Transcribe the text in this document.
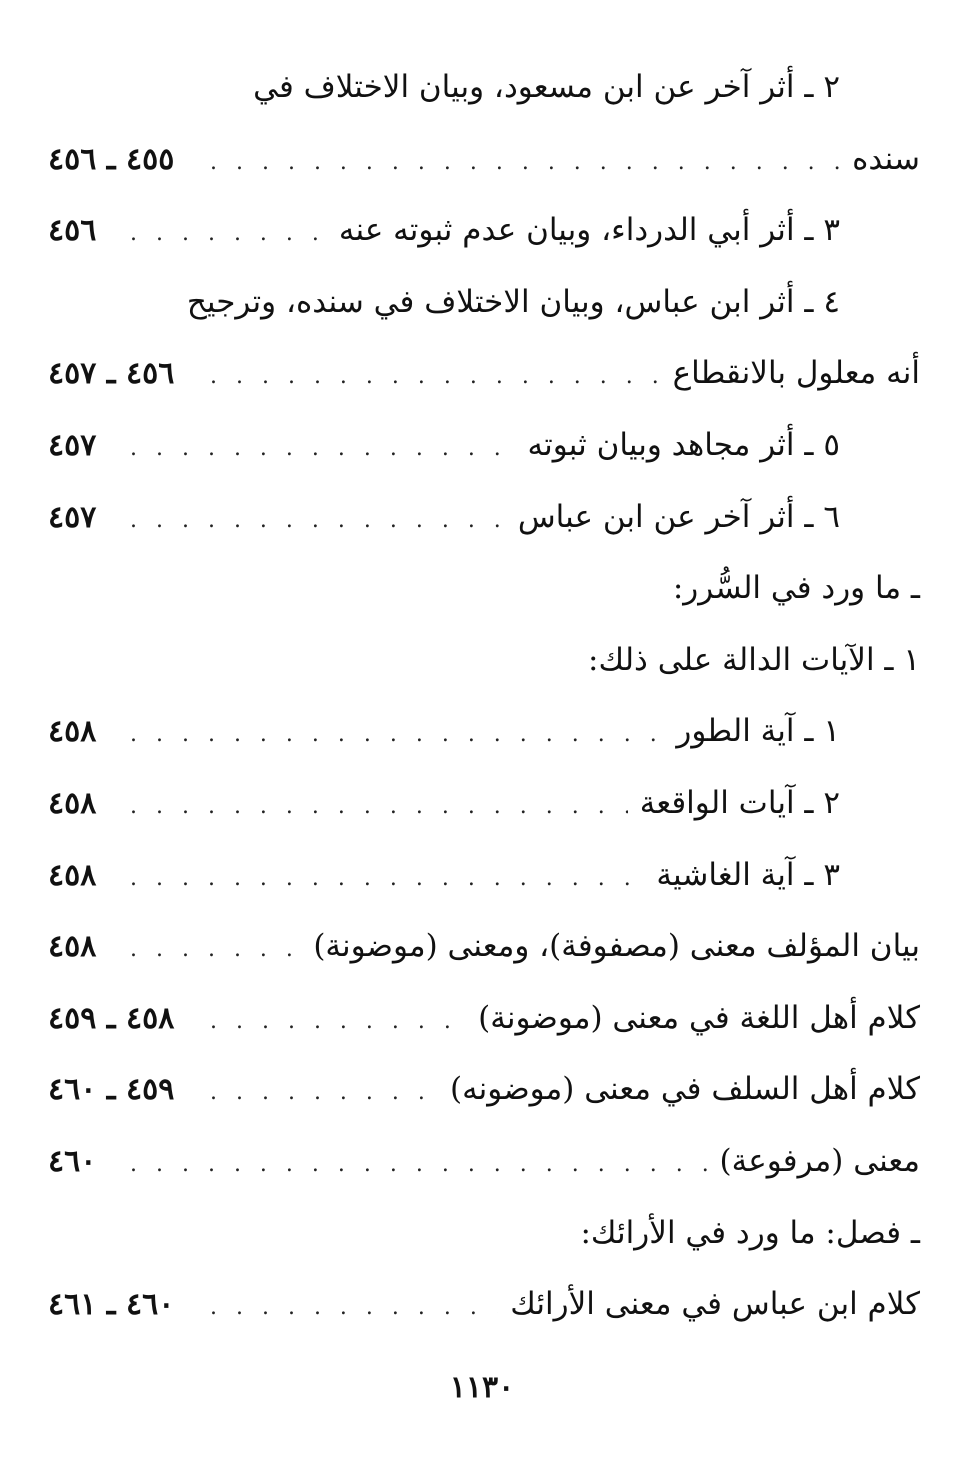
٢ ـ أثر آخر عن ابن مسعود، وبيان الاختلاف في
سنده
. . .
٤٥٥ ـ ٤٥٦
٣ ـ أثر أبي الدرداء، وبيان عدم ثبوته عنه
. . .
٤٥٦
٤ ـ أثر ابن عباس، وبيان الاختلاف في سنده، وترجيح
أنه معلول بالانقطاع
. . .
٤٥٦ ـ ٤٥٧
٥ ـ أثر مجاهد وبيان ثبوته
. . .
٤٥٧
٦ ـ أثر آخر عن ابن عباس
. . .
٤٥٧
ـ ما ورد في السُّرر:
١ ـ الآيات الدالة على ذلك:
١ ـ آية الطور
. . .
٤٥٨
٢ ـ آيات الواقعة
. . .
٤٥٨
٣ ـ آية الغاشية
. . .
٤٥٨
بيان المؤلف معنى (مصفوفة)، ومعنى (موضونة)
. . .
٤٥٨
كلام أهل اللغة في معنى (موضونة)
. . .
٤٥٨ ـ ٤٥٩
كلام أهل السلف في معنى (موضونه)
. . .
٤٥٩ ـ ٤٦٠
معنى (مرفوعة)
. . .
٤٦٠
ـ فصل: ما ورد في الأرائك:
كلام ابن عباس في معنى الأرائك
. . .
٤٦٠ ـ ٤٦١
١١٣٠
